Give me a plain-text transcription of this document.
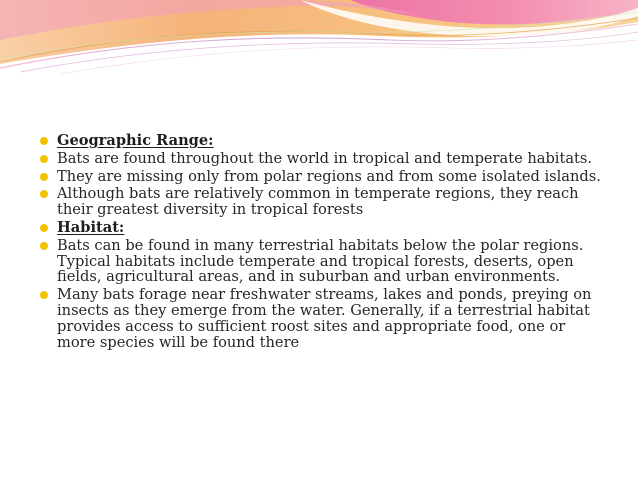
Geographic Range:
Bats are found throughout the world in tropical and temperate habitats.
They are missing only from polar regions and from some isolated islands.
Although bats are relatively common in temperate regions, they reach their greatest diversity in tropical forests
Habitat:
Bats can be found in many terrestrial habitats below the polar regions. Typical habitats include temperate and tropical forests, deserts, open fields, agricultural areas, and in suburban and urban environments.
Many bats forage near freshwater streams, lakes and ponds, preying on insects as they emerge from the water. Generally, if a terrestrial habitat provides access to sufficient roost sites and appropriate food, one or more species will be found there
